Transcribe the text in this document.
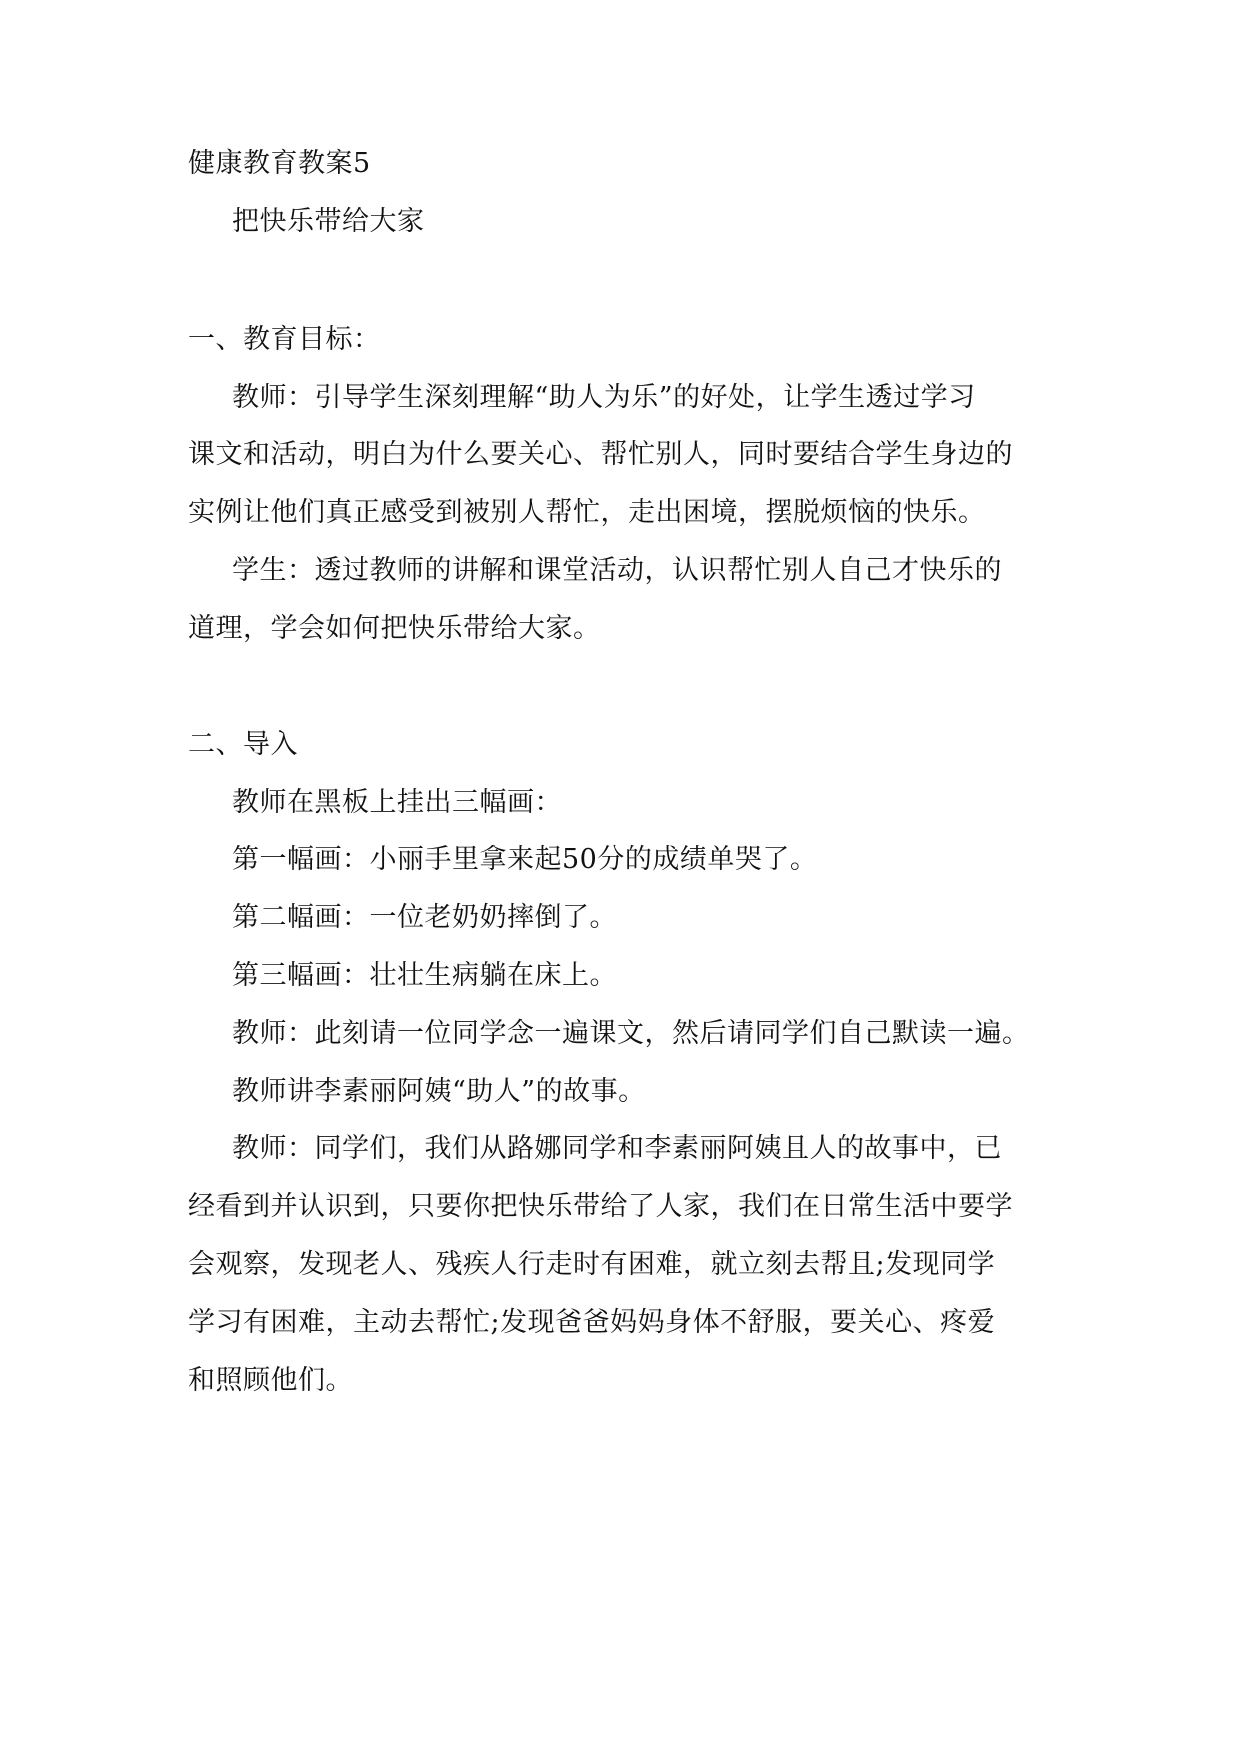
健康教育教案5
把快乐带给大家
一、教育目标：
教师：引导学生深刻理解“助人为乐”的好处，让学生透过学习
课文和活动，明白为什么要关心、帮忙别人，同时要结合学生身边的
实例让他们真正感受到被别人帮忙，走出困境，摆脱烦恼的快乐。
学生：透过教师的讲解和课堂活动，认识帮忙别人自己才快乐的
道理，学会如何把快乐带给大家。
二、导入
教师在黑板上挂出三幅画：
第一幅画：小丽手里拿来起50分的成绩单哭了。
第二幅画：一位老奶奶摔倒了。
第三幅画：壮壮生病躺在床上。
教师：此刻请一位同学念一遍课文，然后请同学们自己默读一遍。
教师讲李素丽阿姨“助人”的故事。
教师：同学们，我们从路娜同学和李素丽阿姨且人的故事中，已
经看到并认识到，只要你把快乐带给了人家，我们在日常生活中要学
会观察，发现老人、残疾人行走时有困难，就立刻去帮且;发现同学
学习有困难，主动去帮忙;发现爸爸妈妈身体不舒服，要关心、疼爱
和照顾他们。
